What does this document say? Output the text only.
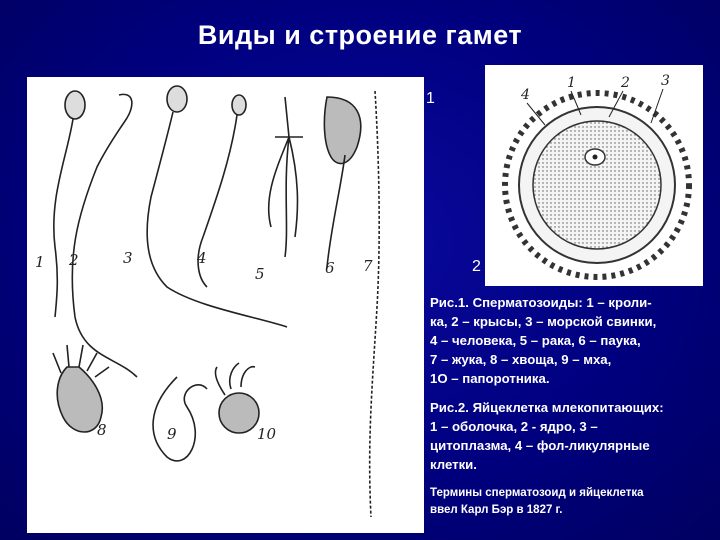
Виды и строение гамет
1 2	3	4
5	6 7
8	9	10
4
1	2 3
1
2
Рис.1. Сперматозоиды: 1 – кроли-
ка, 2 – крысы, 3 – морской свинки,
4 – человека, 5 – рака, 6 – паука,
7 – жука, 8 – хвоща, 9 – мха,
1О – папоротника.
Рис.2. Яйцеклетка млекопитающих:
1 – оболочка, 2 - ядро, 3 –
цитоплазма, 4 – фол-ликулярные
клетки.
Термины сперматозоид и яйцеклетка
ввел Карл Бэр в 1827 г.
